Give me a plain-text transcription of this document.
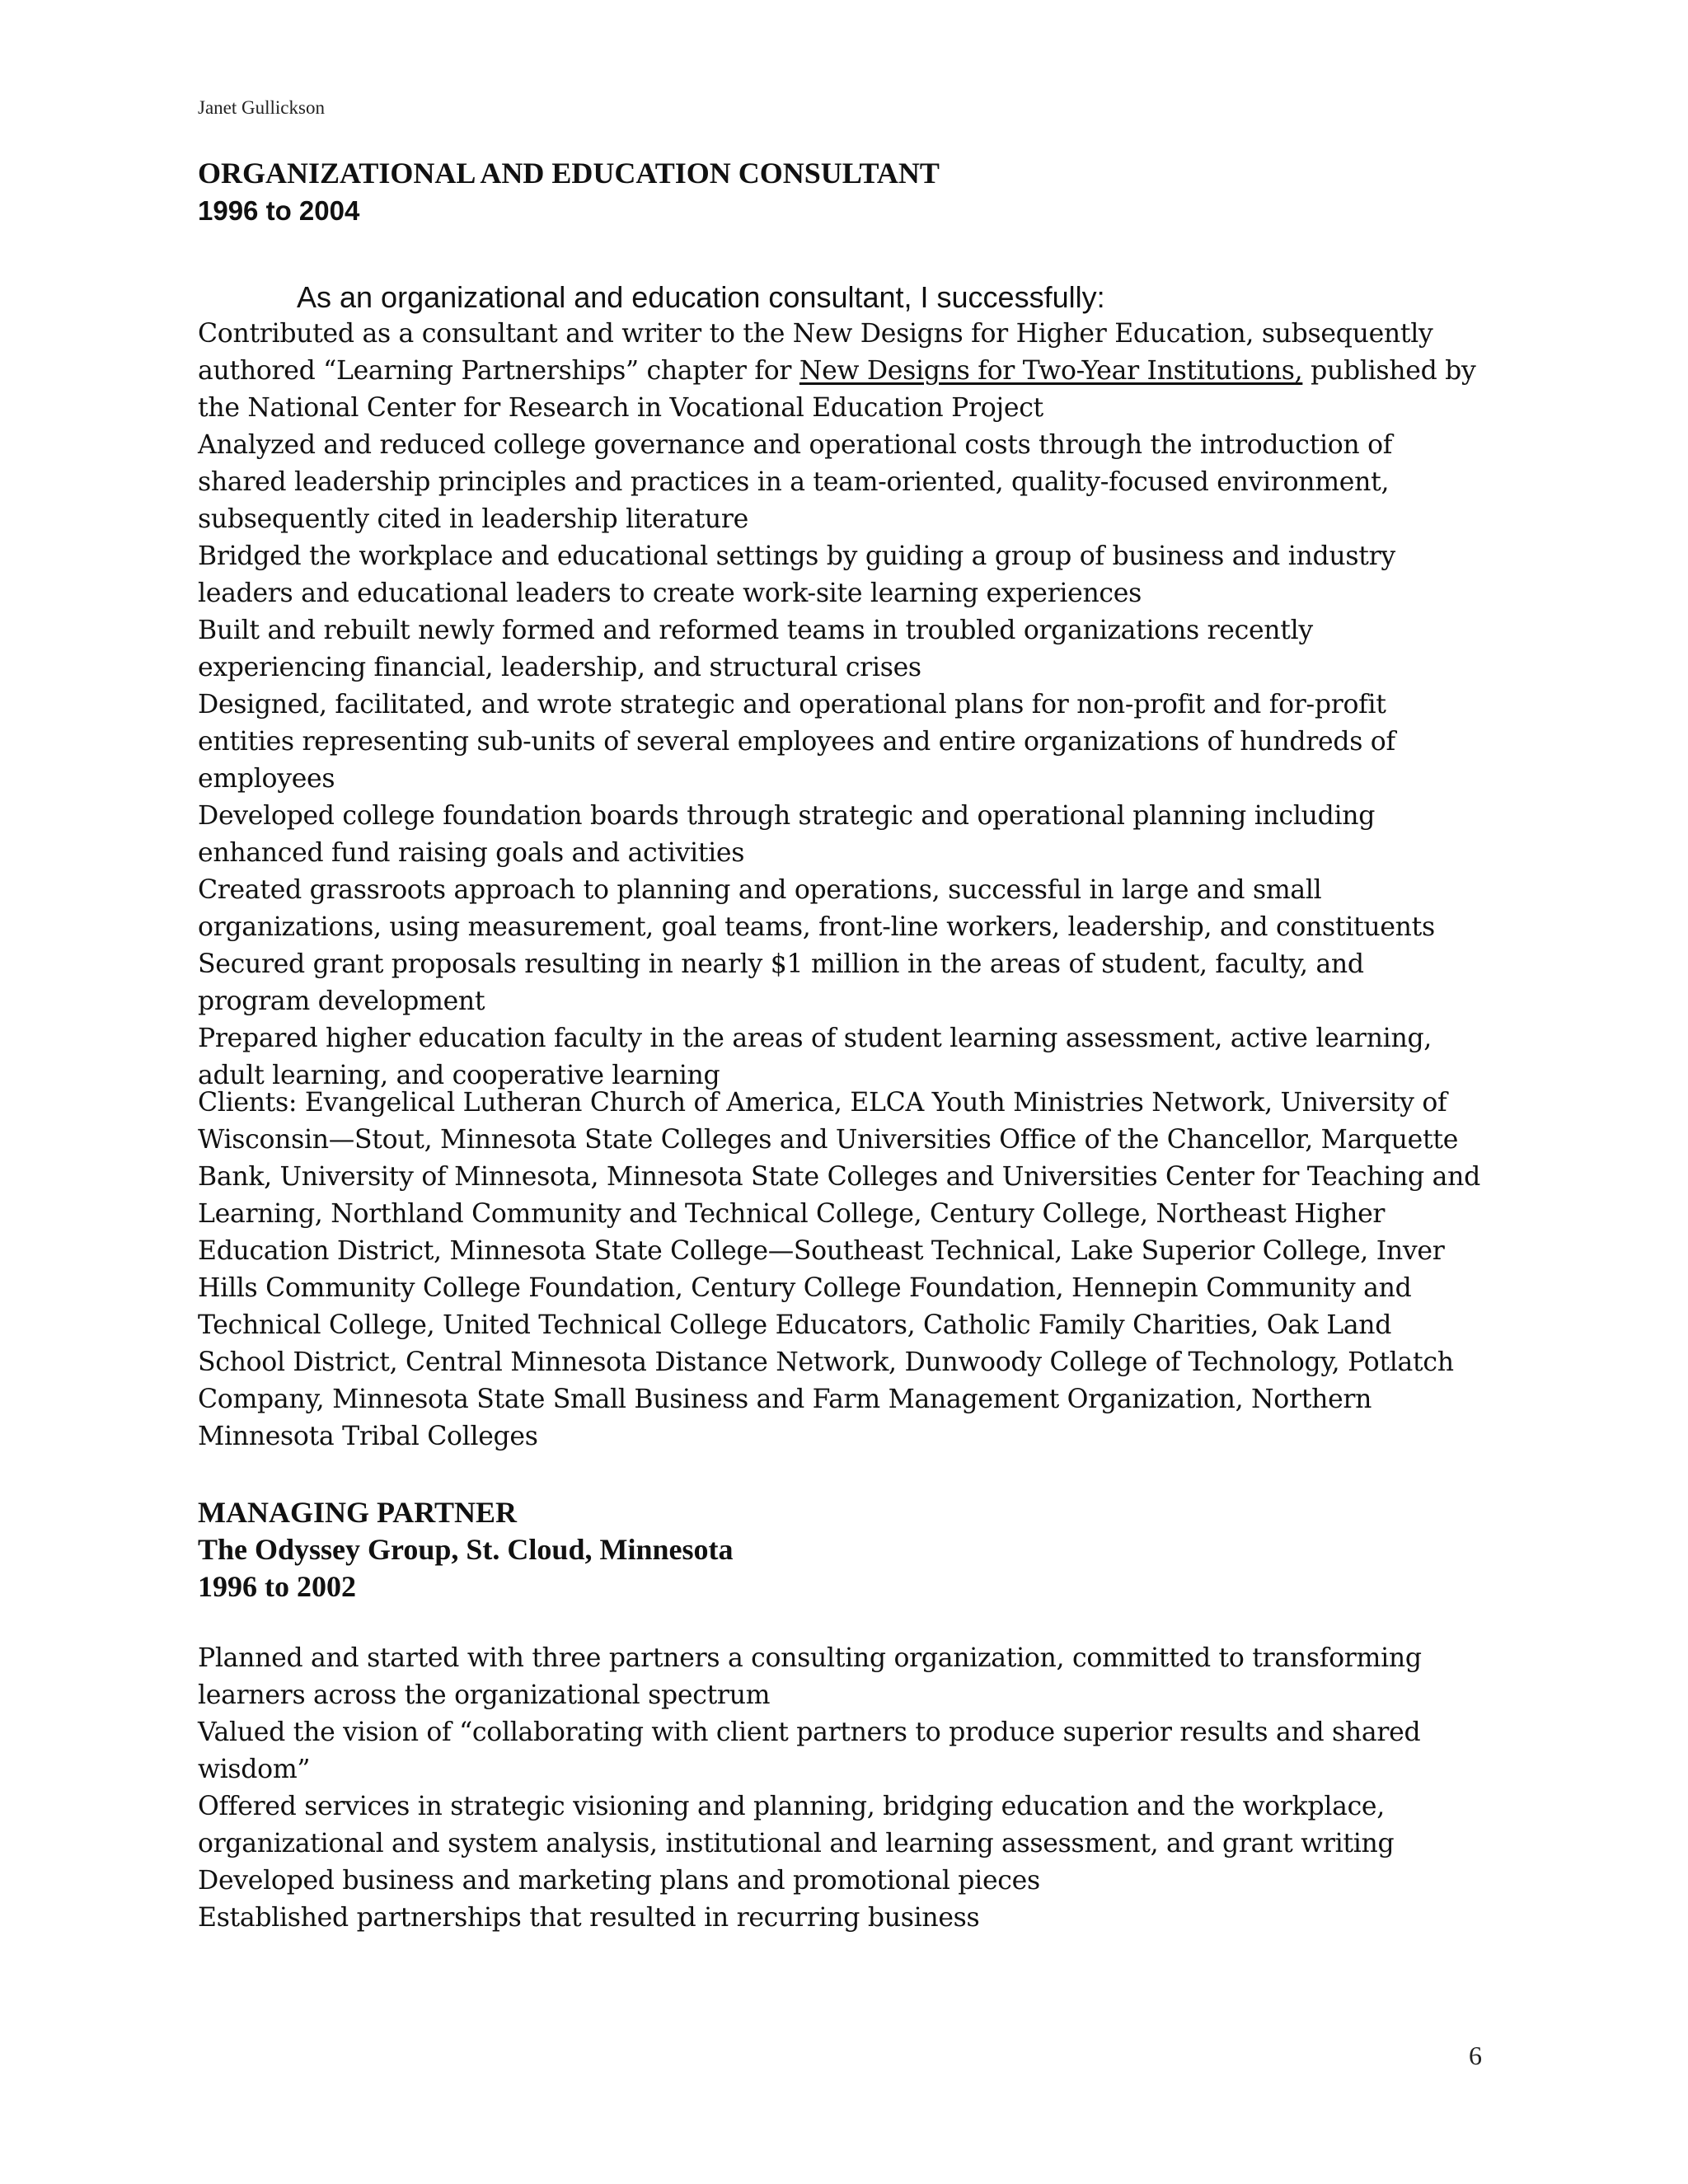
Janet Gullickson

ORGANIZATIONAL AND EDUCATION CONSULTANT

1996 to 2004

As an organizational and education consultant, I successfully:

Contributed as a consultant and writer to the New Designs for Higher Education, subsequently authored “Learning Partnerships” chapter for New Designs for Two-Year Institutions, published by the National Center for Research in Vocational Education Project

Analyzed and reduced college governance and operational costs through the introduction of shared leadership principles and practices in a team-oriented, quality-focused environment, subsequently cited in leadership literature

Bridged the workplace and educational settings by guiding a group of business and industry leaders and educational leaders to create work-site learning experiences

Built and rebuilt newly formed and reformed teams in troubled organizations recently experiencing financial, leadership, and structural crises

Designed, facilitated, and wrote strategic and operational plans for non-profit and for-profit entities representing sub-units of several employees and entire organizations of hundreds of employees

Developed college foundation boards through strategic and operational planning including enhanced fund raising goals and activities

Created grassroots approach to planning and operations, successful in large and small organizations, using measurement, goal teams, front-line workers, leadership, and constituents

Secured grant proposals resulting in nearly $1 million in the areas of student, faculty, and program development

Prepared higher education faculty in the areas of student learning assessment, active learning, adult learning, and cooperative learning

Clients: Evangelical Lutheran Church of America, ELCA Youth Ministries Network, University of Wisconsin—Stout, Minnesota State Colleges and Universities Office of the Chancellor, Marquette Bank, University of Minnesota, Minnesota State Colleges and Universities Center for Teaching and Learning, Northland Community and Technical College, Century College, Northeast Higher Education District, Minnesota State College—Southeast Technical, Lake Superior College, Inver Hills Community College Foundation, Century College Foundation, Hennepin Community and Technical College, United Technical College Educators, Catholic Family Charities, Oak Land School District, Central Minnesota Distance Network, Dunwoody College of Technology, Potlatch Company, Minnesota State Small Business and Farm Management Organization, Northern Minnesota Tribal Colleges

MANAGING PARTNER

The Odyssey Group, St. Cloud, Minnesota

1996 to 2002

Planned and started with three partners a consulting organization, committed to transforming learners across the organizational spectrum

Valued the vision of “collaborating with client partners to produce superior results and shared wisdom”

Offered services in strategic visioning and planning, bridging education and the workplace, organizational and system analysis, institutional and learning assessment, and grant writing

Developed business and marketing plans and promotional pieces

Established partnerships that resulted in recurring business

6
